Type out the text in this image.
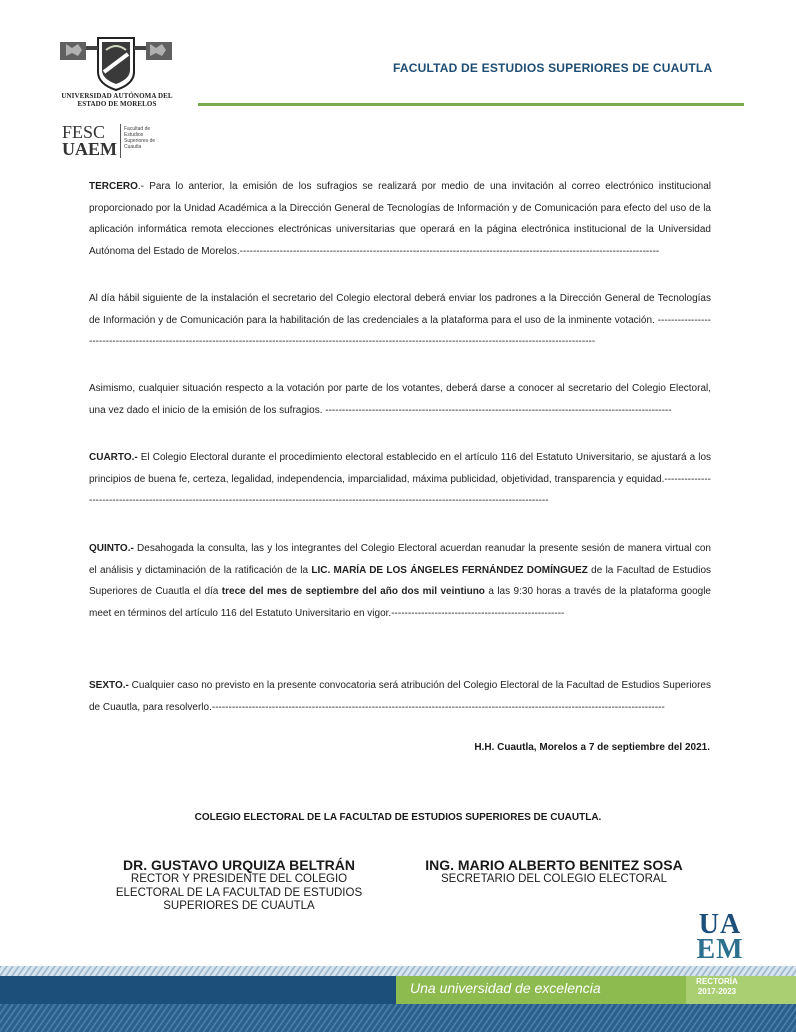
UNIVERSIDAD AUTÓNOMA DEL
ESTADO DE MORELOS
FACULTAD DE ESTUDIOS SUPERIORES DE CUAUTLA
FESC
UAEM
Facultad de
Estudios
Superiores de
Cuautla
TERCERO.- Para lo anterior, la emisión de los sufragios se realizará por medio de una invitación al correo electrónico institucional proporcionado por la Unidad Académica a la Dirección General de Tecnologías de Información y de Comunicación para efecto del uso de la aplicación informática remota elecciones electrónicas universitarias que operará en la página electrónica institucional de la Universidad Autónoma del Estado de Morelos.------------------------------------------------------------------------------------------------------------------------------
Al día hábil siguiente de la instalación el secretario del Colegio electoral deberá enviar los padrones a la Dirección General de Tecnologías de Información y de Comunicación para la habilitación de las credenciales a la plataforma para el uso de la inminente votación. ------------------------------------------------------------------------------------------------------------------------------------------------------------------------
Asimismo, cualquier situación respecto a la votación por parte de los votantes, deberá darse a conocer al secretario del Colegio Electoral, una vez dado el inicio de la emisión de los sufragios. --------------------------------------------------------------------------------------------------------
CUARTO.- El Colegio Electoral durante el procedimiento electoral establecido en el artículo 116 del Estatuto Universitario, se ajustará a los principios de buena fe, certeza, legalidad, independencia, imparcialidad, máxima publicidad, objetividad, transparencia y equidad.--------------------------------------------------------------------------------------------------------------------------------------------------------
QUINTO.- Desahogada la consulta, las y los integrantes del Colegio Electoral acuerdan reanudar la presente sesión de manera virtual con el análisis y dictaminación de la ratificación de la LIC. MARÍA DE LOS ÁNGELES FERNÁNDEZ DOMÍNGUEZ de la Facultad de Estudios Superiores de Cuautla el día trece del mes de septiembre del año dos mil veintiuno a las 9:30 horas a través de la plataforma google meet en términos del artículo 116 del Estatuto Universitario en vigor.----------------------------------------------------
SEXTO.- Cualquier caso no previsto en la presente convocatoria será atribución del Colegio Electoral de la Facultad de Estudios Superiores de Cuautla, para resolverlo.----------------------------------------------------------------------------------------------------------------------------------------
H.H. Cuautla, Morelos a 7 de septiembre del 2021.
COLEGIO ELECTORAL DE LA FACULTAD DE ESTUDIOS SUPERIORES DE CUAUTLA.
DR. GUSTAVO URQUIZA BELTRÁN
RECTOR Y PRESIDENTE DEL COLEGIO
ELECTORAL DE LA FACULTAD DE ESTUDIOS
SUPERIORES DE CUAUTLA
ING. MARIO ALBERTO BENITEZ SOSA
SECRETARIO DEL COLEGIO ELECTORAL
UA
EM
Una universidad de excelencia	RECTORÍA
2017-2023
